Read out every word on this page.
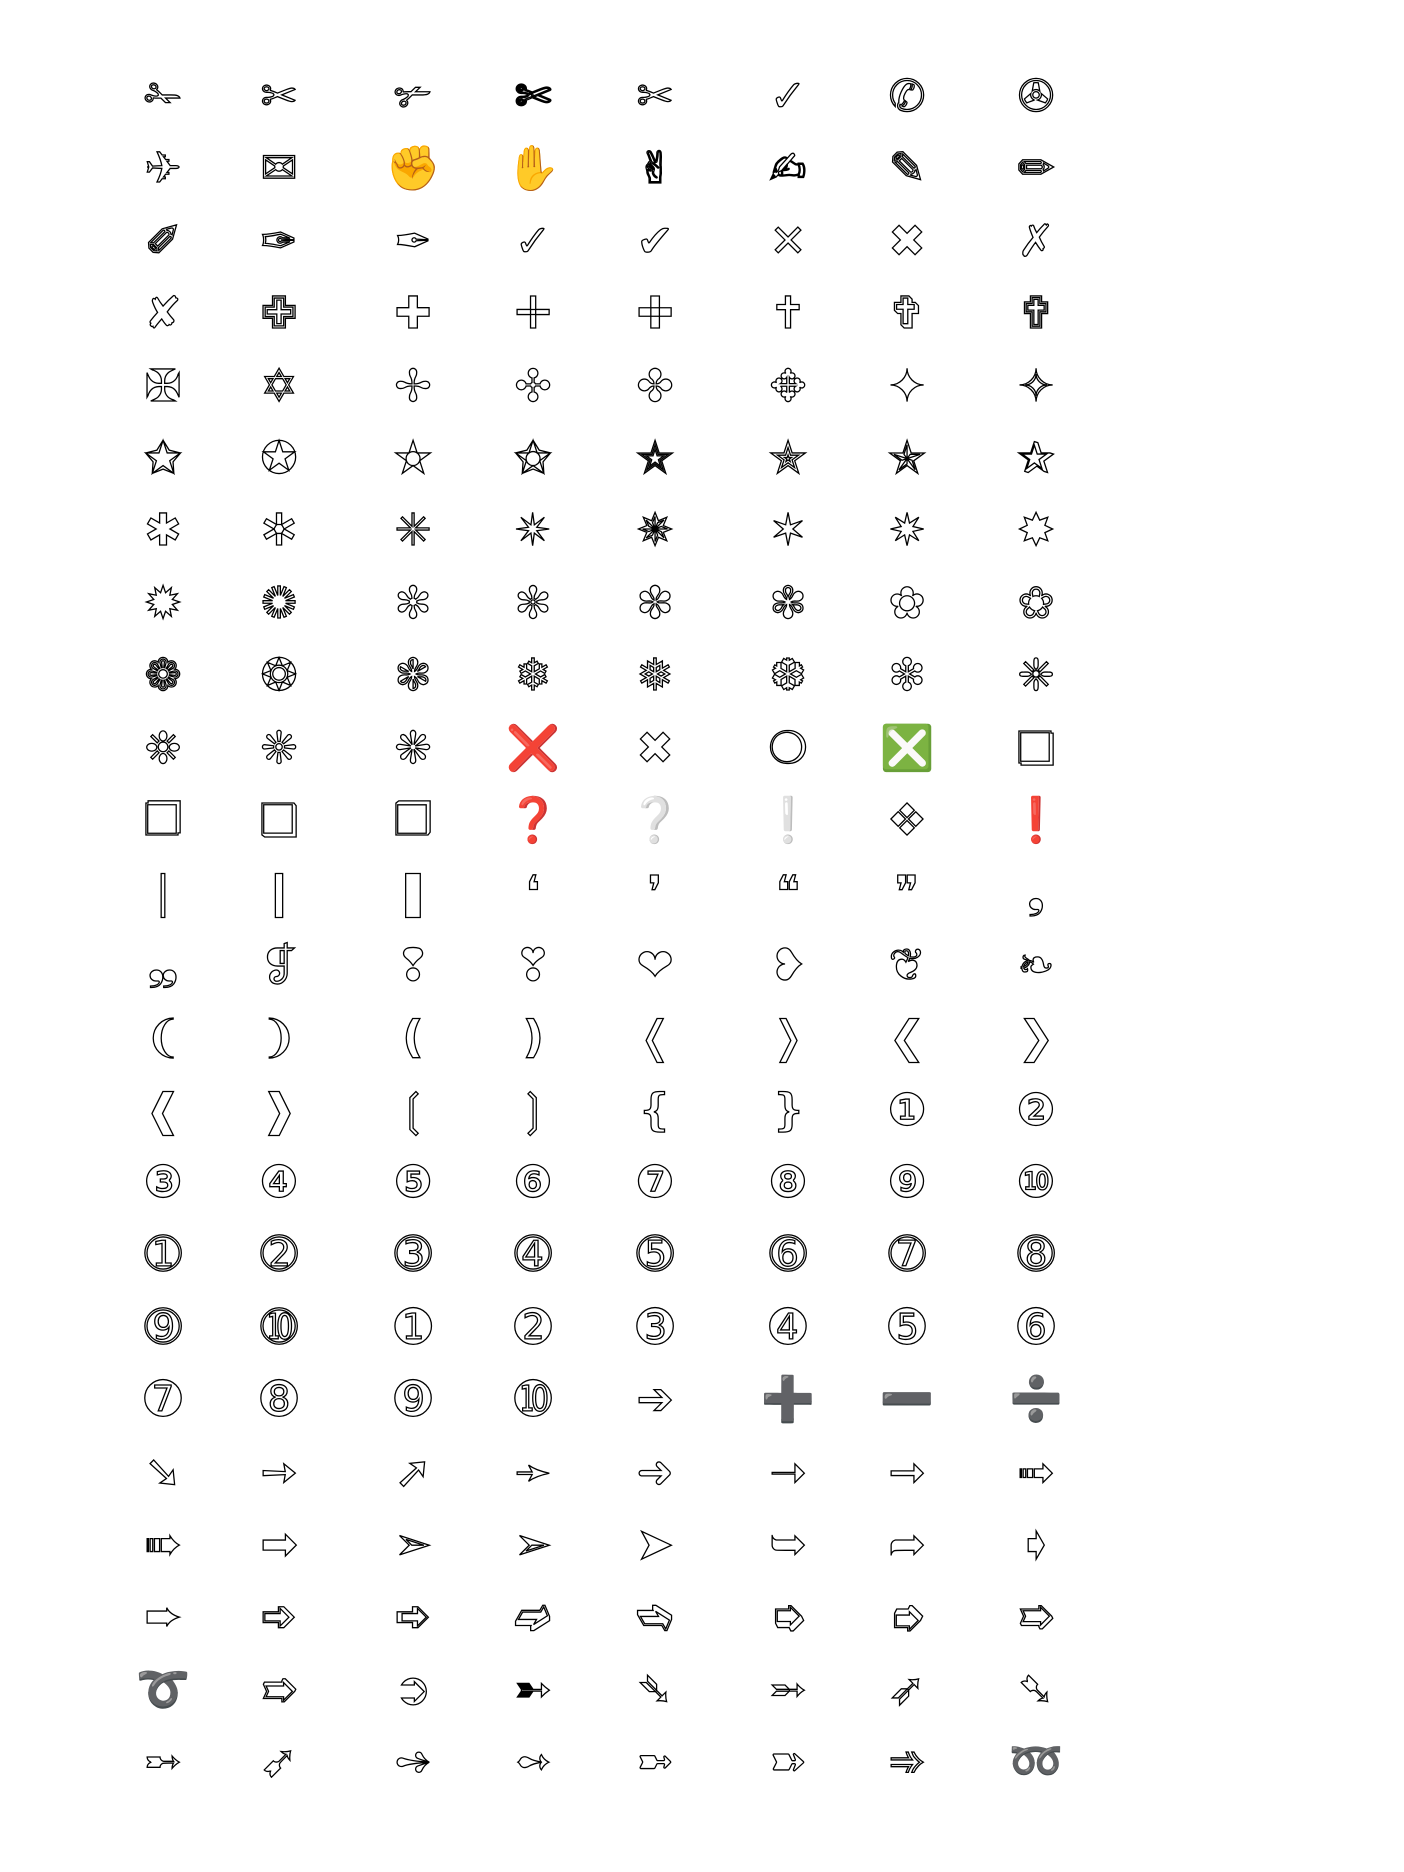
✁	✂	✃	✄	✂	✓	✆	✇
✈	✉	✊	✋	✌	✍	✎	✏
✐	✑	✒	✓	✔	✕	✖	✗
✘	✙	✚	✛	✜	✝	✞	✟
✠	✡	✢	✣	✤	✥	✦	✧
✩	✪	✫	✬	✭	✮	✯	✰
✱	✲	✳	✴	✵	✶	✷	✸
✹	✺	✻	✼	✽	✾	✿	❀
❁	❂	❃	❄	❅	❆	❇	❈
❉	❊	❋	❌	✖	❍	❎	❏
❐	❑	❒	❓	❔	❕	❖	❗
❘	❙	❚	❛	❜	❝	❞	❟
❠	❡	❢	❣	❤	❥	❦	❧
❨	❩	❪	❫	❬	❭	❮	❯
❰	❱	❲	❳	❴	❵	❶	❷
❸	❹	❺	❻	❼	❽	❾	❿
➀	➁	➂	➃	➄	➅	➆	➇
➈	➉	➊	➋	➌	➍	➎	➏
➐	➑	➒	➓	➔	➕	➖	➗
➘	➙	➚	➛	➜	➝	➞	➟
➠	➡	➢	➣	➤	➥	➦	➧
➨	➩	➪	➫	➬	➭	➮	➯
➰	➱	➲	➳	➴	➵	➶	➷
➸	➹	➺	➻	➼	➽	➾	➿
